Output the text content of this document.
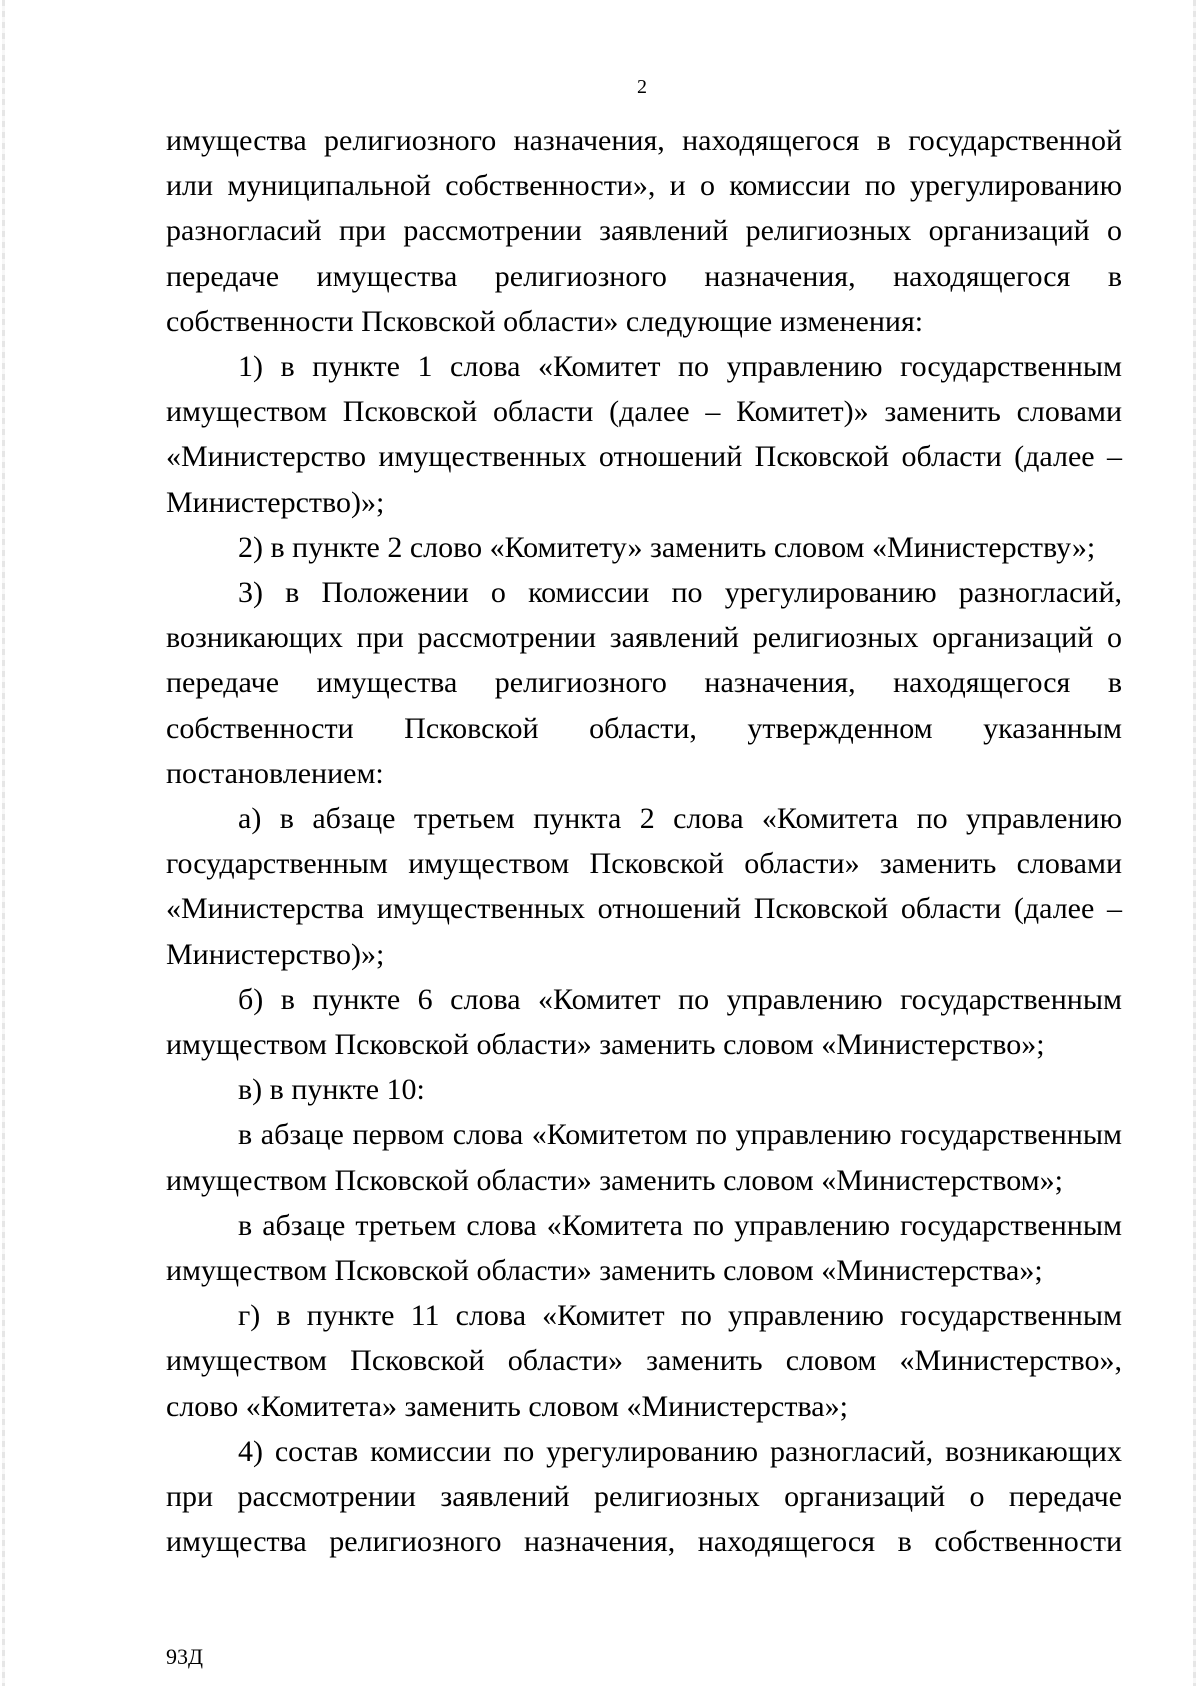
2

имущества религиозного назначения, находящегося в государственной или муниципальной собственности», и о комиссии по урегулированию разногласий при рассмотрении заявлений религиозных организаций о передаче имущества религиозного назначения, находящегося в собственности Псковской области» следующие изменения:

1) в пункте 1 слова «Комитет по управлению государственным имуществом Псковской области (далее – Комитет)» заменить словами «Министерство имущественных отношений Псковской области (далее – Министерство)»;

2) в пункте 2 слово «Комитету» заменить словом «Министерству»;

3) в Положении о комиссии по урегулированию разногласий, возникающих при рассмотрении заявлений религиозных организаций о передаче имущества религиозного назначения, находящегося в собственности Псковской области, утвержденном указанным постановлением:

а) в абзаце третьем пункта 2 слова «Комитета по управлению государственным имуществом Псковской области» заменить словами «Министерства имущественных отношений Псковской области (далее – Министерство)»;

б) в пункте 6 слова «Комитет по управлению государственным имуществом Псковской области» заменить словом «Министерство»;

в) в пункте 10:

в абзаце первом слова «Комитетом по управлению государственным имуществом Псковской области» заменить словом «Министерством»;

в абзаце третьем слова «Комитета по управлению государственным имуществом Псковской области» заменить словом «Министерства»;

г) в пункте 11 слова «Комитет по управлению государственным имуществом Псковской области» заменить словом «Министерство», слово «Комитета» заменить словом «Министерства»;

4) состав комиссии по урегулированию разногласий, возникающих при рассмотрении заявлений религиозных организаций о передаче имущества религиозного назначения, находящегося в собственности

93Д
